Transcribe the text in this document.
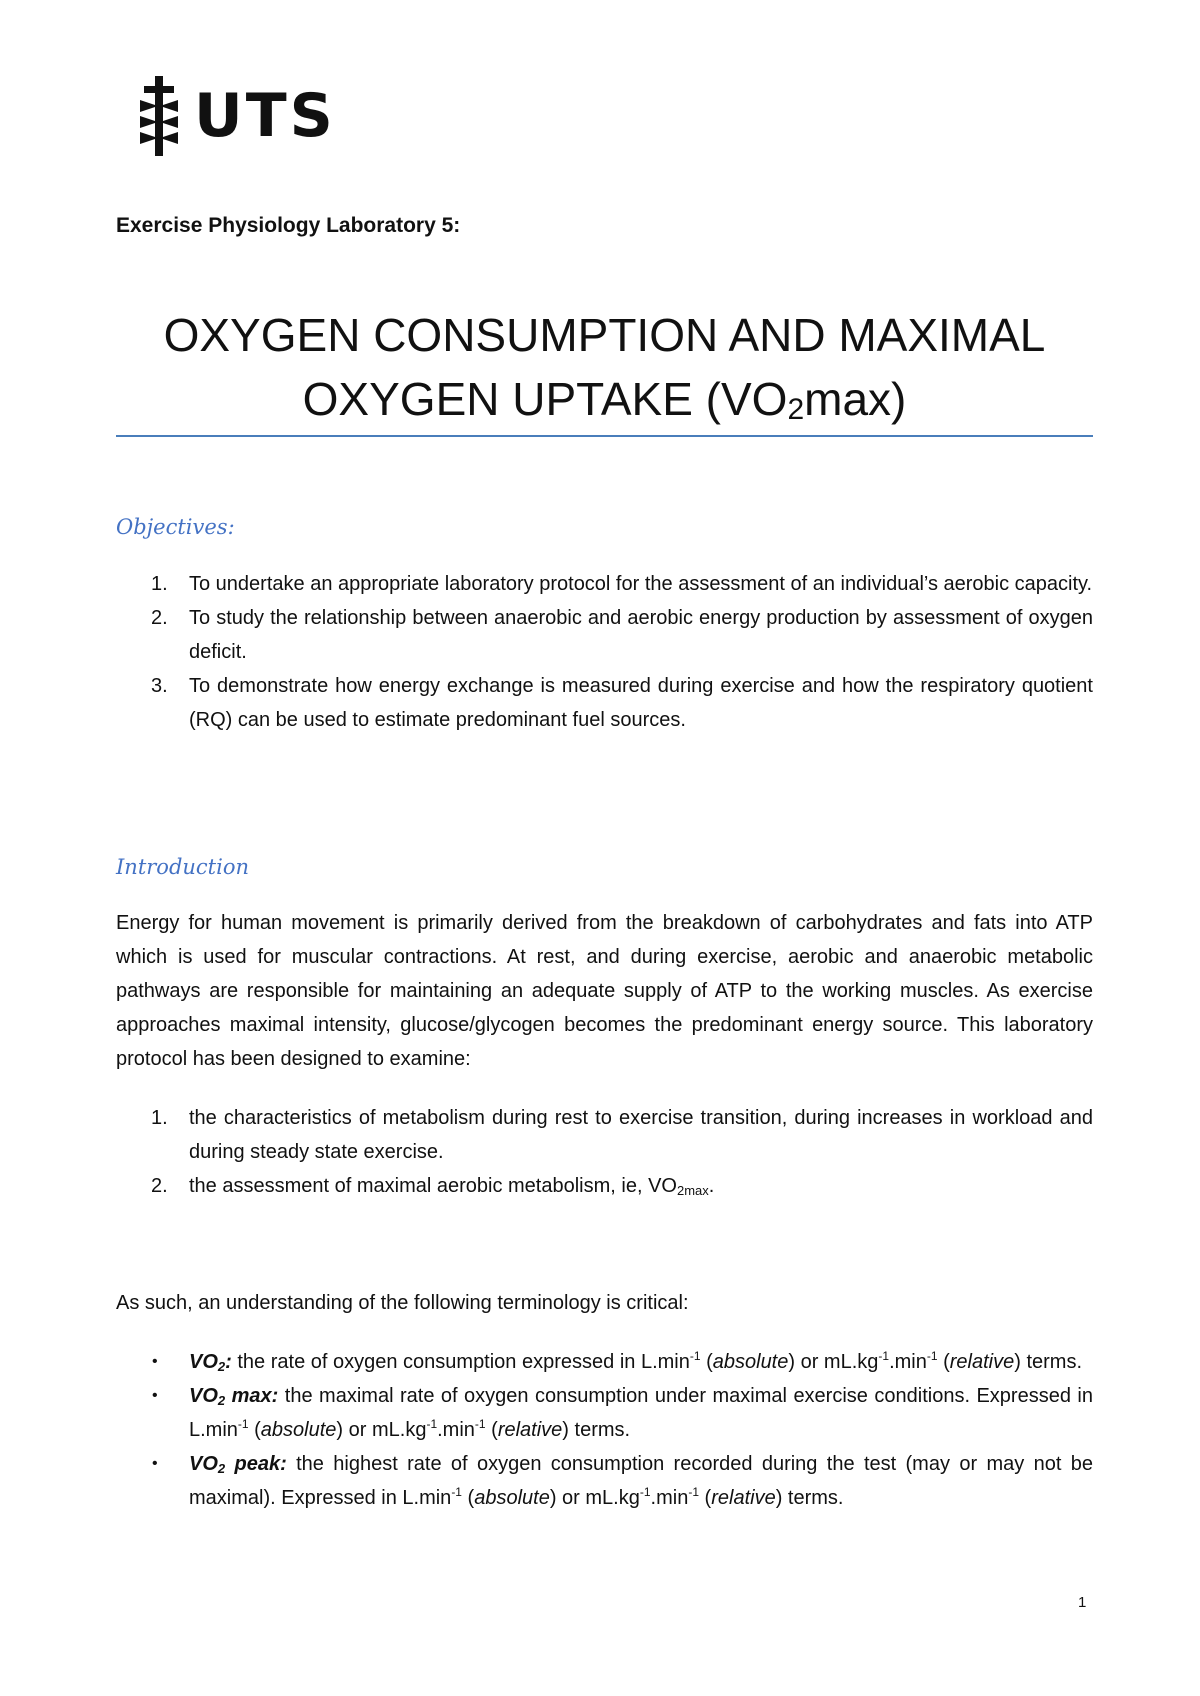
UTS
Exercise Physiology Laboratory 5:
OXYGEN CONSUMPTION AND MAXIMAL
OXYGEN UPTAKE $(VO_2\max)$
Objectives:
1. To undertake an appropriate laboratory protocol for the assessment of an individual’s aerobic capacity.
2. To study the relationship between anaerobic and aerobic energy production by assessment of oxygen deficit.
3. To demonstrate how energy exchange is measured during exercise and how the respiratory quotient (RQ) can be used to estimate predominant fuel sources.
Introduction
Energy for human movement is primarily derived from the breakdown of carbohydrates and fats into ATP which is used for muscular contractions. At rest, and during exercise, aerobic and anaerobic metabolic pathways are responsible for maintaining an adequate supply of ATP to the working muscles. As exercise approaches maximal intensity, glucose/glycogen becomes the predominant energy source. This laboratory protocol has been designed to examine:
1. the characteristics of metabolism during rest to exercise transition, during increases in workload and during steady state exercise.
2. the assessment of maximal aerobic metabolism, ie, $VO_{2max}$.
As such, an understanding of the following terminology is critical:
• $VO_2$: the rate of oxygen consumption expressed in $L.\min^{-1}$ (absolute) or $mL.kg^{-1}.\min^{-1}$ (relative) terms.
• $VO_2$ max: the maximal rate of oxygen consumption under maximal exercise conditions. Expressed in $L.\min^{-1}$ (absolute) or $mL.kg^{-1}.\min^{-1}$ (relative) terms.
• $VO_2$ peak: the highest rate of oxygen consumption recorded during the test (may or may not be maximal). Expressed in $L.\min^{-1}$ (absolute) or $mL.kg^{-1}.\min^{-1}$ (relative) terms.
1
